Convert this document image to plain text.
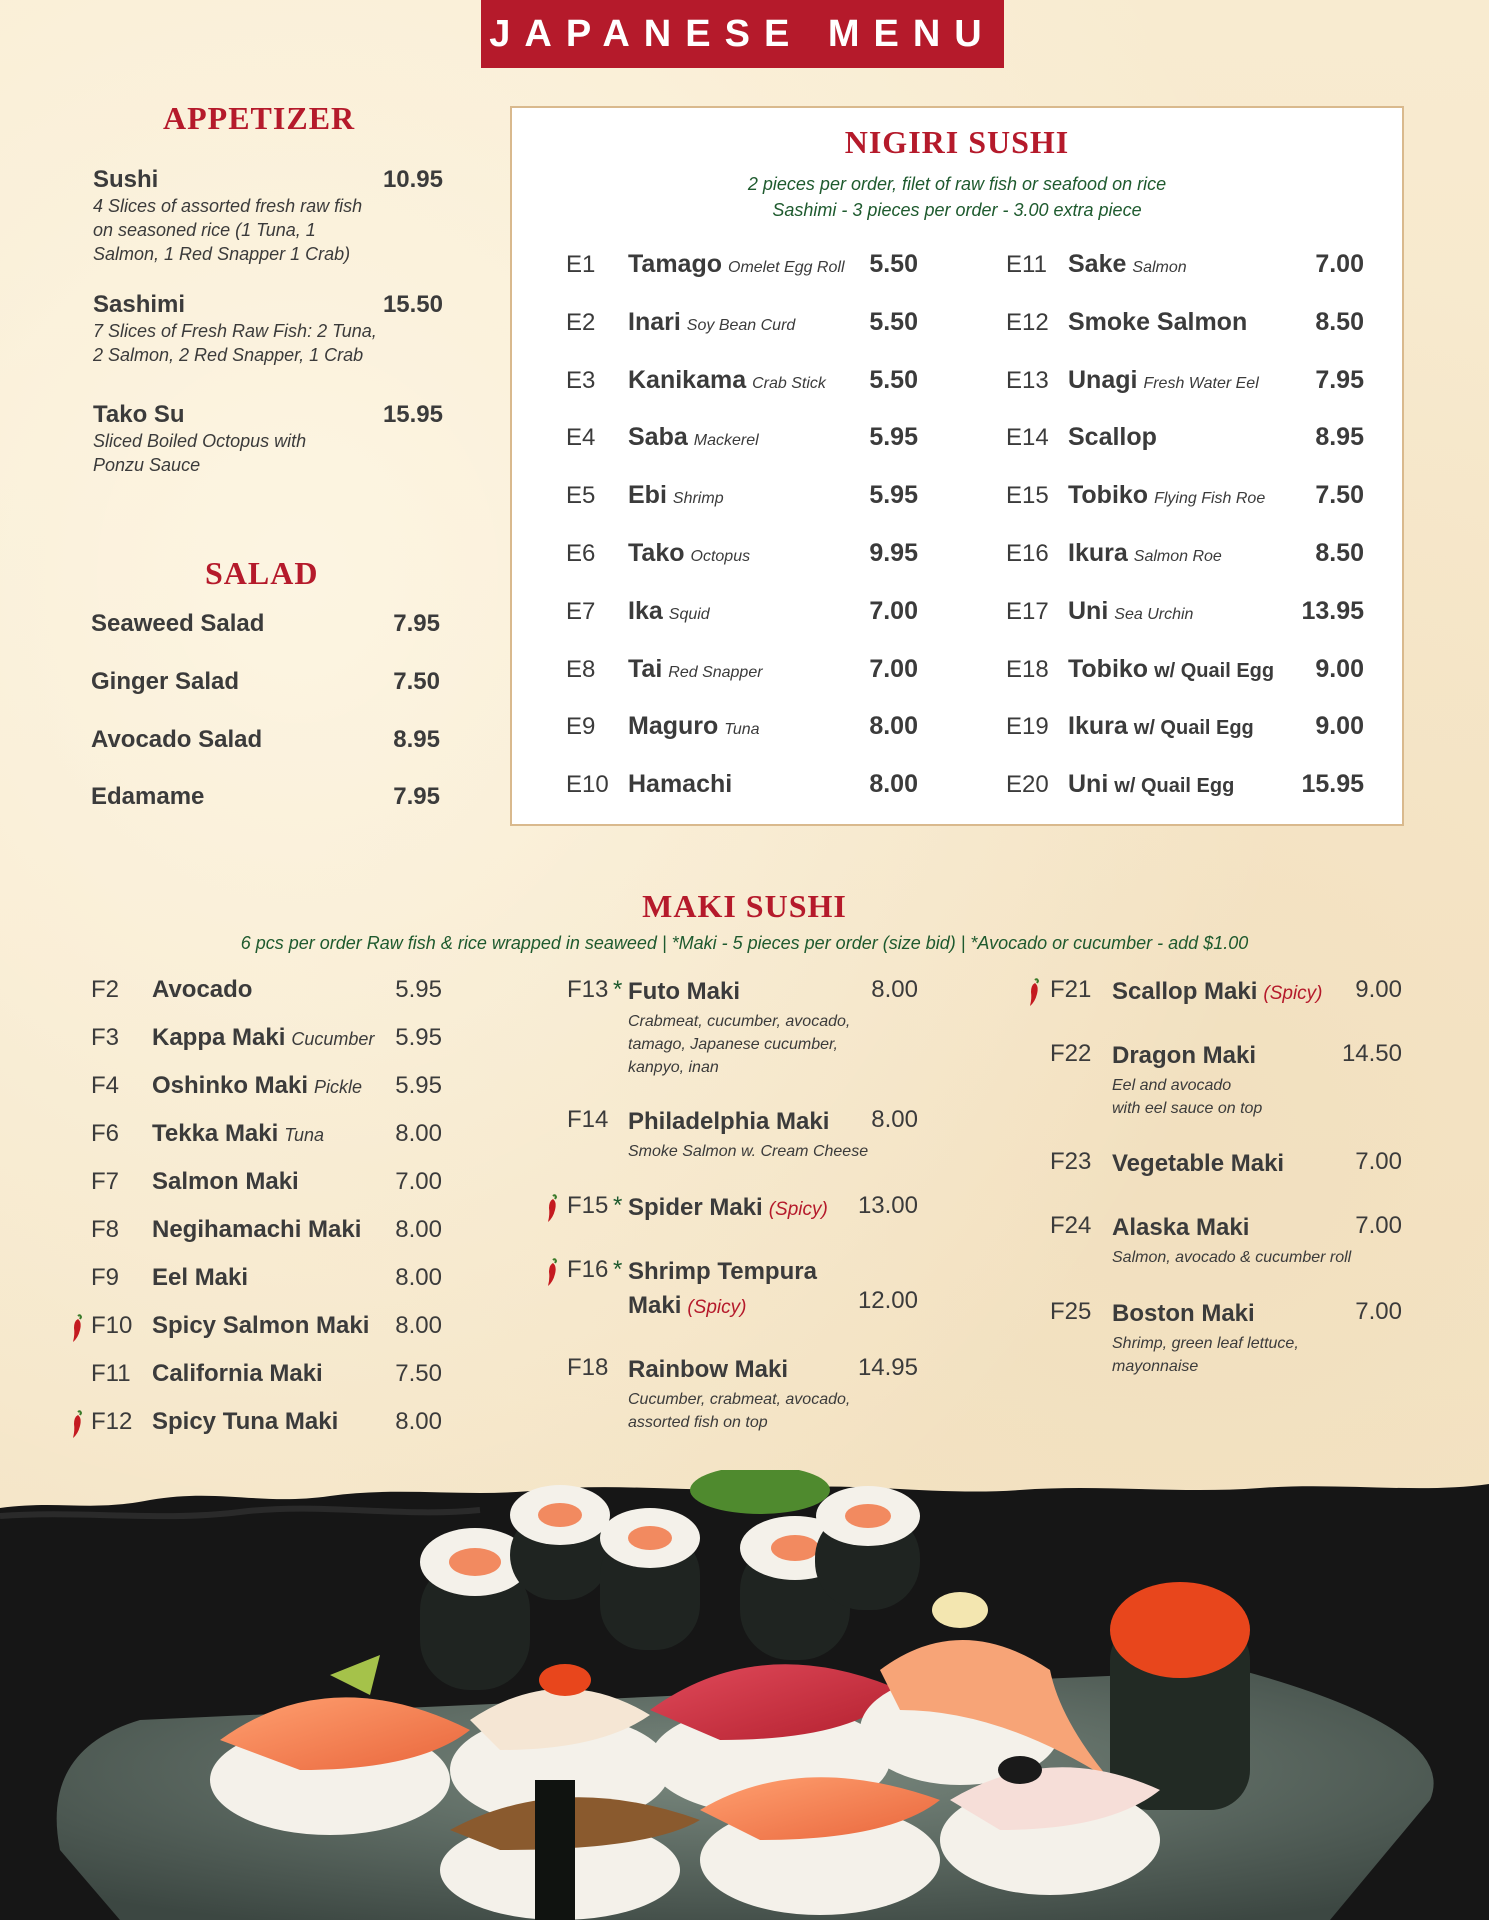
JAPANESE MENU
APPETIZER
Sushi	10.95
4 Slices of assorted fresh raw fish
on seasoned rice (1 Tuna, 1
Salmon, 1 Red Snapper 1 Crab)
Sashimi	15.50
7 Slices of Fresh Raw Fish: 2 Tuna,
2 Salmon, 2 Red Snapper, 1 Crab
Tako Su	15.95
Sliced Boiled Octopus with
Ponzu Sauce
SALAD
Seaweed Salad	7.95
Ginger Salad	7.50
Avocado Salad	8.95
Edamame	7.95
NIGIRI SUSHI
2 pieces per order, filet of raw fish or seafood on rice
Sashimi - 3 pieces per order - 3.00 extra piece
E1	Tamago Omelet Egg Roll 5.50
E2	Inari Soy Bean Curd	5.50
E3	Kanikama Crab Stick 5.50
E4	Saba Mackerel	5.95
E5	Ebi Shrimp	5.95
E6	Tako Octopus	9.95
E7	Ika Squid	7.00
E8	Tai Red Snapper	7.00
E9	Maguro Tuna	8.00
E10 Hamachi	8.00
E11 Sake Salmon	7.00
E12 Smoke Salmon	8.50
E13 Unagi Fresh Water Eel 7.95
E14 Scallop	8.95
E15 Tobiko Flying Fish Roe 7.50
E16 Ikura Salmon Roe	8.50
E17 Uni Sea Urchin	13.95
E18 Tobiko w/ Quail Egg 9.00
E19 Ikura w/ Quail Egg 9.00
E20 Uni w/ Quail Egg	15.95
MAKI SUSHI
6 pcs per order Raw fish & rice wrapped in seaweed | *Maki - 5 pieces per order (size bid) | *Avocado or cucumber - add $1.00
F2 Avocado	5.95
F3 Kappa Maki Cucumber 5.95
F4 Oshinko Maki Pickle 5.95
F6 Tekka Maki Tuna	8.00
F7 Salmon Maki	7.00
F8 Negihamachi Maki 8.00
F9 Eel Maki	8.00
F10 Spicy Salmon Maki 8.00
F11 California Maki	7.50
F12 Spicy Tuna Maki 8.00
F13 * Futo Maki	8.00
Crabmeat, cucumber, avocado,
tamago, Japanese cucumber,
kanpyo, inan
F14 Philadelphia Maki	8.00
Smoke Salmon w. Cream Cheese
F15 * Spider Maki (Spicy)	13.00
F16 * Shrimp Tempura
Maki (Spicy)	12.00
F18 Rainbow Maki	14.95
Cucumber, crabmeat, avocado,
assorted fish on top
F21 Scallop Maki (Spicy)	9.00
F22 Dragon Maki	14.50
Eel and avocado
with eel sauce on top
F23 Vegetable Maki	7.00
F24 Alaska Maki	7.00
Salmon, avocado & cucumber roll
F25 Boston Maki	7.00
Shrimp, green leaf lettuce,
mayonnaise
